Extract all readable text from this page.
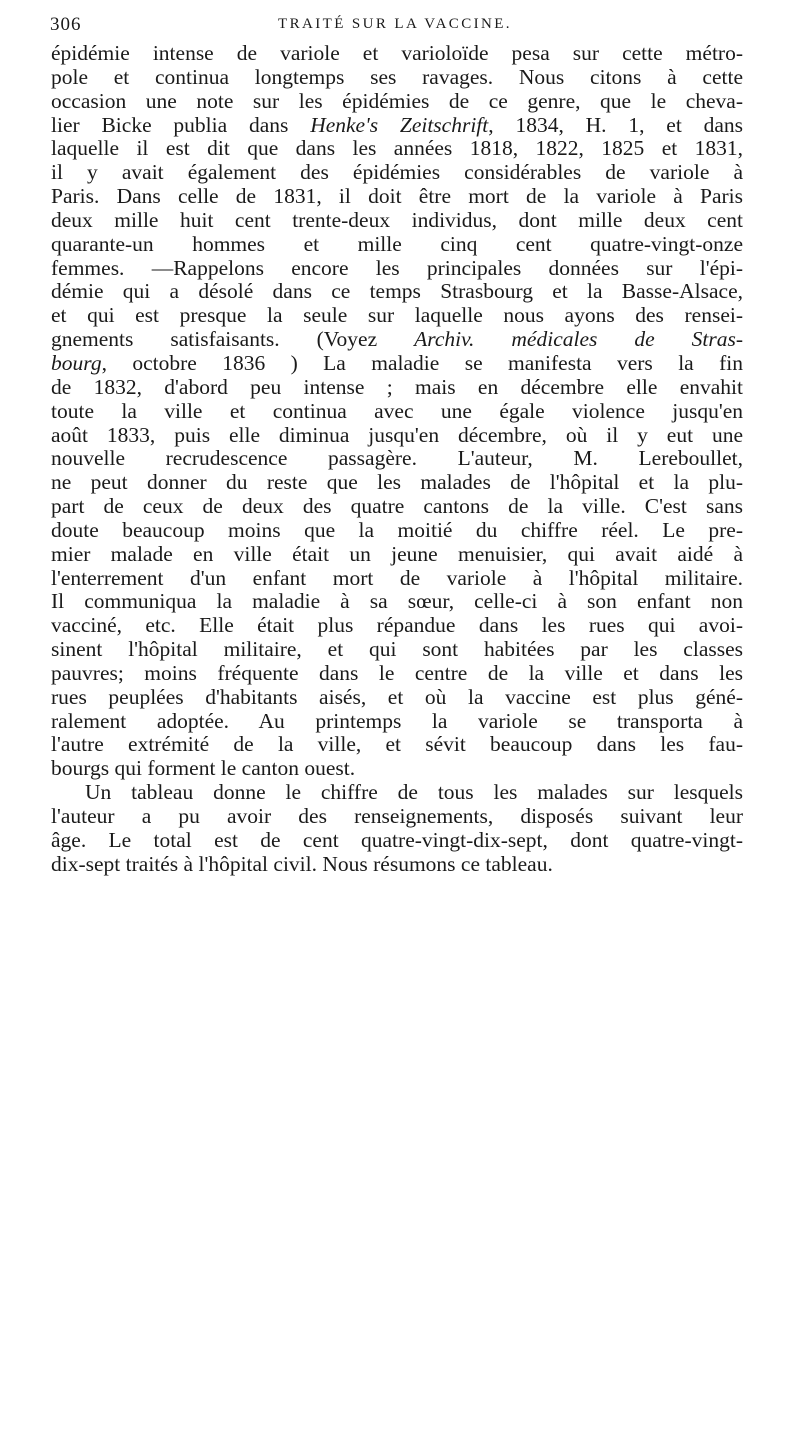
306	TRAITÉ SUR LA VACCINE.
épidémie intense de variole et varioloïde pesa sur cette métro-
pole et continua longtemps ses ravages. Nous citons à cette
occasion une note sur les épidémies de ce genre, que le cheva-
lier Bicke publia dans Henke's Zeitschrift, 1834, H. 1, et dans
laquelle il est dit que dans les années 1818, 1822, 1825 et 1831,
il y avait également des épidémies considérables de variole à
Paris. Dans celle de 1831, il doit être mort de la variole à Paris
deux mille huit cent trente-deux individus, dont mille deux cent
quarante-un hommes et mille cinq cent quatre-vingt-onze
femmes. —Rappelons encore les principales données sur l'épi-
démie qui a désolé dans ce temps Strasbourg et la Basse-Alsace,
et qui est presque la seule sur laquelle nous ayons des rensei-
gnements satisfaisants. (Voyez Archiv. médicales de Stras-
bourg, octobre 1836 ) La maladie se manifesta vers la fin
de 1832, d'abord peu intense ; mais en décembre elle envahit
toute la ville et continua avec une égale violence jusqu'en
août 1833, puis elle diminua jusqu'en décembre, où il y eut une
nouvelle recrudescence passagère. L'auteur, M. Lereboullet,
ne peut donner du reste que les malades de l'hôpital et la plu-
part de ceux de deux des quatre cantons de la ville. C'est sans
doute beaucoup moins que la moitié du chiffre réel. Le pre-
mier malade en ville était un jeune menuisier, qui avait aidé à
l'enterrement d'un enfant mort de variole à l'hôpital militaire.
Il communiqua la maladie à sa sœur, celle-ci à son enfant non
vacciné, etc. Elle était plus répandue dans les rues qui avoi-
sinent l'hôpital militaire, et qui sont habitées par les classes
pauvres; moins fréquente dans le centre de la ville et dans les
rues peuplées d'habitants aisés, et où la vaccine est plus géné-
ralement adoptée. Au printemps la variole se transporta à
l'autre extrémité de la ville, et sévit beaucoup dans les fau-
bourgs qui forment le canton ouest.
Un tableau donne le chiffre de tous les malades sur lesquels
l'auteur a pu avoir des renseignements, disposés suivant leur
âge. Le total est de cent quatre-vingt-dix-sept, dont quatre-vingt-
dix-sept traités à l'hôpital civil. Nous résumons ce tableau.
